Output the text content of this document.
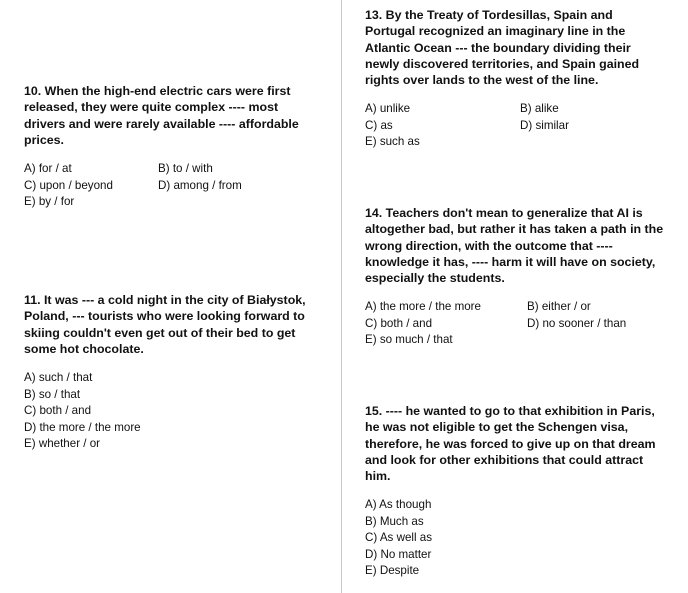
10. When the high-end electric cars were first released, they were quite complex ---- most drivers and were rarely available ---- affordable prices.

A) for / at	B) to / with
C) upon / beyond	D) among / from
E) by / for

11. It was --- a cold night in the city of Białystok, Poland, --- tourists who were looking forward to skiing couldn't even get out of their bed to get some hot chocolate.

A) such / that
B) so / that
C) both / and
D) the more / the more
E) whether / or

13. By the Treaty of Tordesillas, Spain and Portugal recognized an imaginary line in the Atlantic Ocean --- the boundary dividing their newly discovered territories, and Spain gained rights over lands to the west of the line.

A) unlike	B) alike
C) as	D) similar
E) such as

14. Teachers don't mean to generalize that AI is altogether bad, but rather it has taken a path in the wrong direction, with the outcome that ---- knowledge it has, ---- harm it will have on society, especially the students.

A) the more / the more	B) either / or
C) both / and	D) no sooner / than
E) so much / that

15. ---- he wanted to go to that exhibition in Paris, he was not eligible to get the Schengen visa, therefore, he was forced to give up on that dream and look for other exhibitions that could attract him.

A) As though
B) Much as
C) As well as
D) No matter
E) Despite
